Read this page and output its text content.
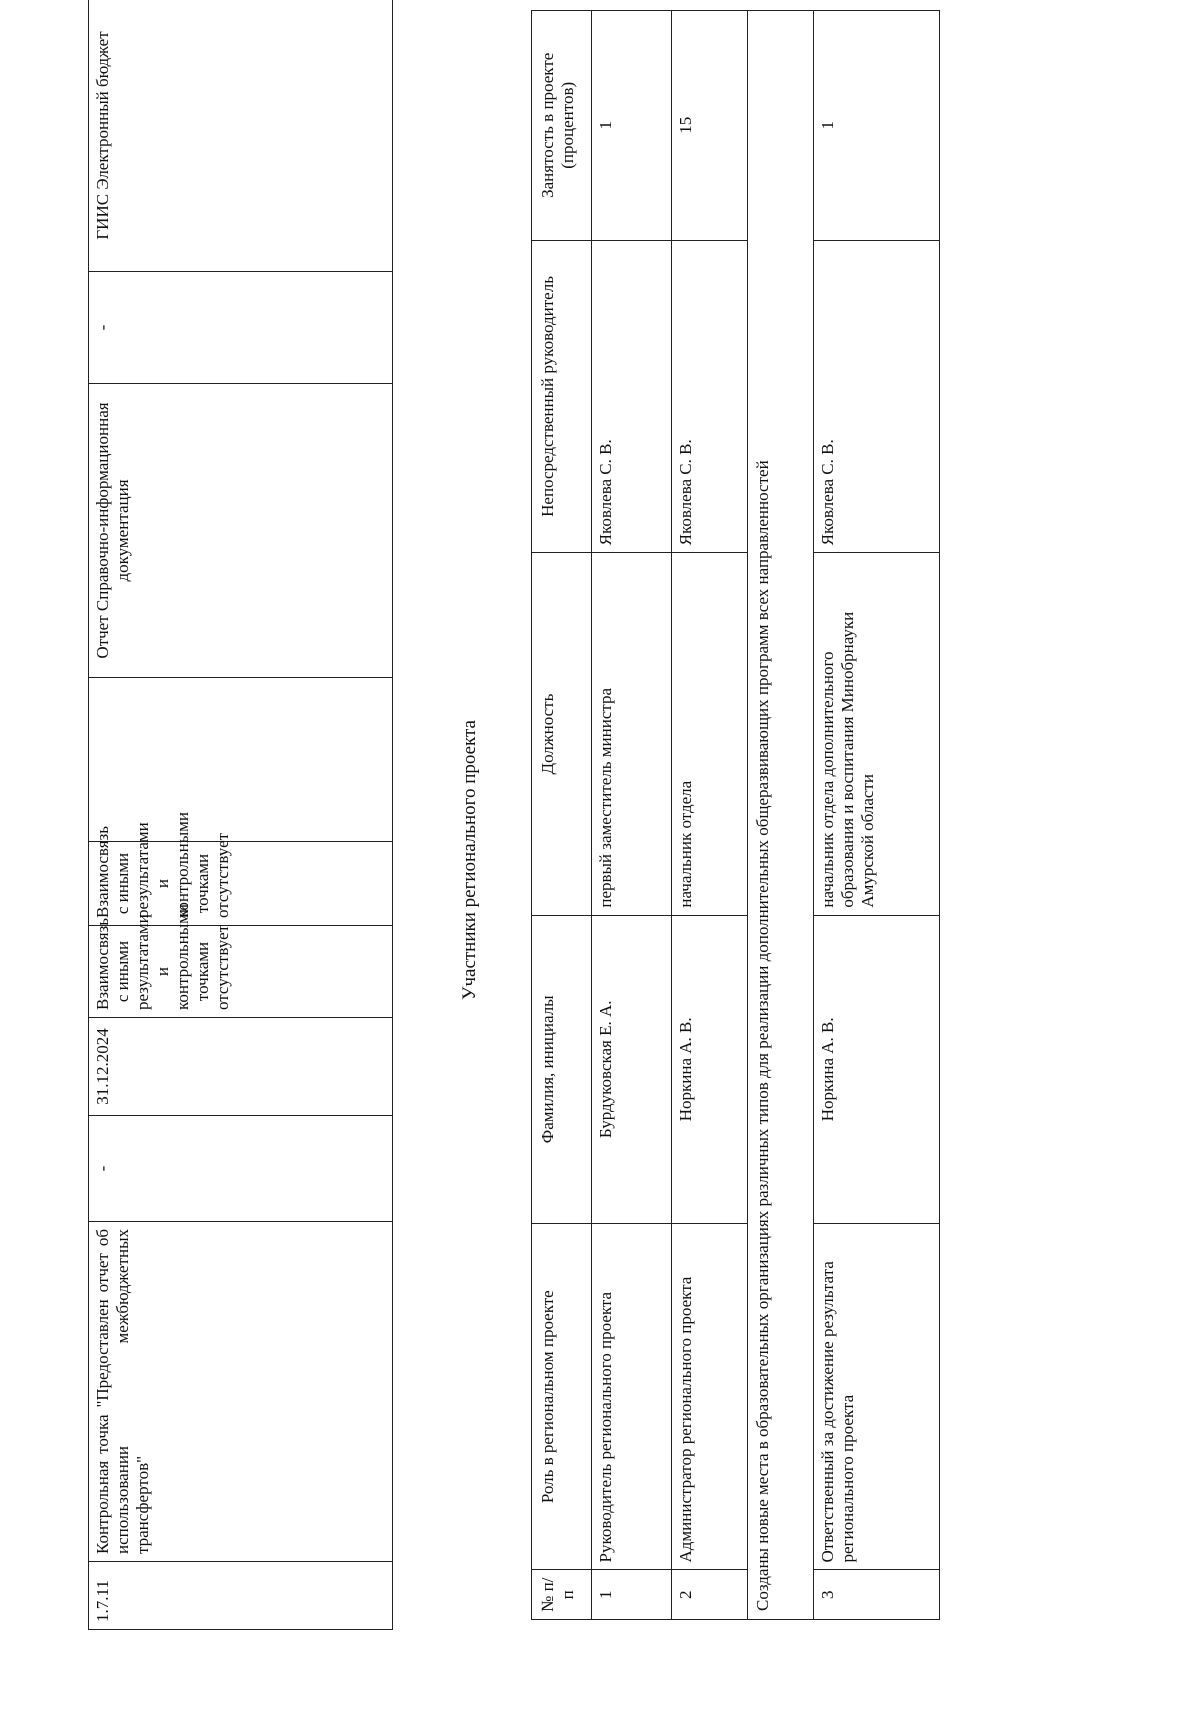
1.7.11	Контрольная точка "Предоставлен отчет об использовании межбюджетных трансфертов"	-	31.12.2024	Взаимосвязь с иными результатами и контрольными точками отсутствует	Взаимосвязь с иными результатами и контрольными точками отсутствует		Отчет Справочно-информационная документация	-	ГИИС Электронный бюджет
Участники регионального проекта
№ п/п	Роль в региональном проекте	Фамилия, инициалы	Должность	Непосредственный руководитель	Занятость в проекте (процентов)
1	Руководитель регионального проекта	Бурдуковская Е. А.	первый заместитель министра	Яковлева С. В.	1
2	Администратор регионального проекта	Норкина А. В.	начальник отдела	Яковлева С. В.	15
Созданы новые места в образовательных организациях различных типов для реализации дополнительных общеразвивающих программ всех направленностей					
3	Ответственный за достижение результата регионального проекта	Норкина А. В.	начальник отдела дополнительного образования и воспитания Минобрнауки Амурской области	Яковлева С. В.	1
